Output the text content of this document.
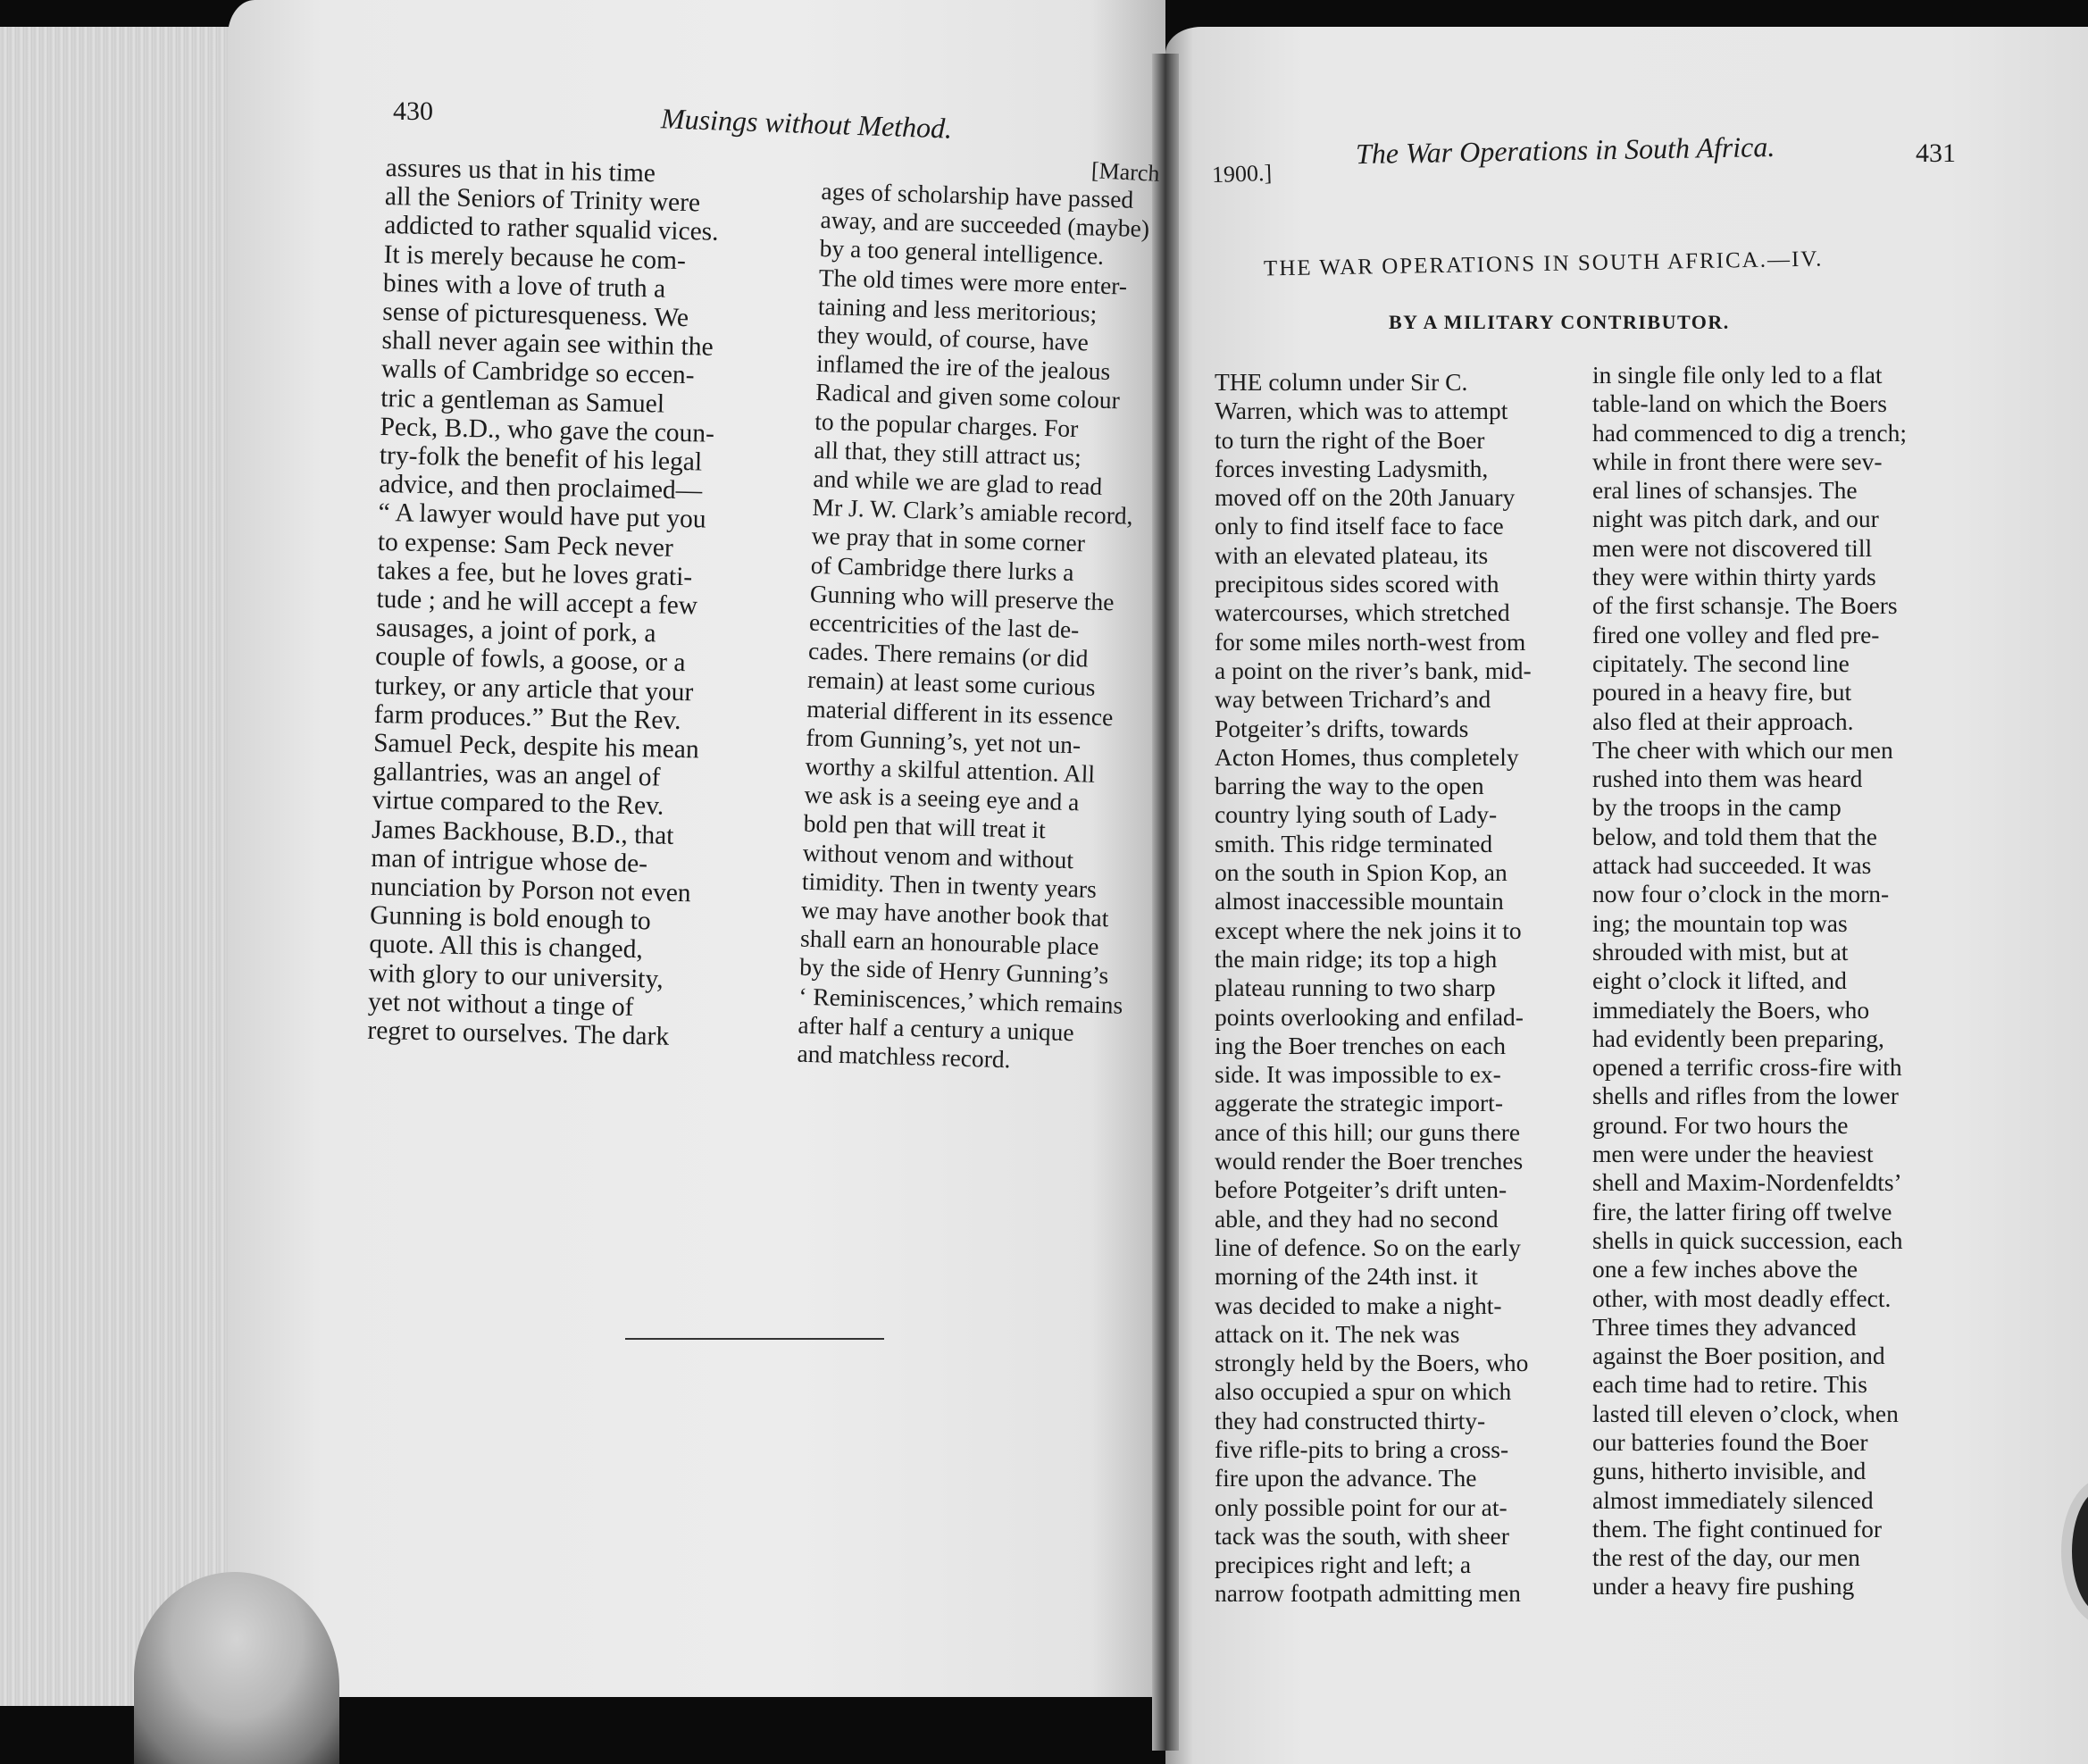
430	Musings without Method.
[March
assures us that in his time
all the Seniors of Trinity were
addicted to rather squalid vices.
It is merely because he com-
bines with a love of truth a
sense of picturesqueness. We
shall never again see within the
walls of Cambridge so eccen-
tric a gentleman as Samuel
Peck, B.D., who gave the coun-
try-folk the benefit of his legal
advice, and then proclaimed—
“ A lawyer would have put you
to expense: Sam Peck never
takes a fee, but he loves grati-
tude ; and he will accept a few
sausages, a joint of pork, a
couple of fowls, a goose, or a
turkey, or any article that your
farm produces.” But the Rev.
Samuel Peck, despite his mean
gallantries, was an angel of
virtue compared to the Rev.
James Backhouse, B.D., that
man of intrigue whose de-
nunciation by Porson not even
Gunning is bold enough to
quote. All this is changed,
with glory to our university,
yet not without a tinge of
regret to ourselves. The dark
ages of scholarship have passed
away, and are succeeded (maybe)
by a too general intelligence.
The old times were more enter-
taining and less meritorious;
they would, of course, have
inflamed the ire of the jealous
Radical and given some colour
to the popular charges. For
all that, they still attract us;
and while we are glad to read
Mr J. W. Clark’s amiable record,
we pray that in some corner
of Cambridge there lurks a
Gunning who will preserve the
eccentricities of the last de-
cades. There remains (or did
remain) at least some curious
material different in its essence
from Gunning’s, yet not un-
worthy a skilful attention. All
we ask is a seeing eye and a
bold pen that will treat it
without venom and without
timidity. Then in twenty years
we may have another book that
shall earn an honourable place
by the side of Henry Gunning’s
‘ Reminiscences,’ which remains
after half a century a unique
and matchless record.
1900.]
The War Operations in South Africa.	431
THE WAR OPERATIONS IN SOUTH AFRICA.—IV.
BY A MILITARY CONTRIBUTOR.
THE column under Sir C.
Warren, which was to attempt
to turn the right of the Boer
forces investing Ladysmith,
moved off on the 20th January
only to find itself face to face
with an elevated plateau, its
precipitous sides scored with
watercourses, which stretched
for some miles north-west from
a point on the river’s bank, mid-
way between Trichard’s and
Potgeiter’s drifts, towards
Acton Homes, thus completely
barring the way to the open
country lying south of Lady-
smith. This ridge terminated
on the south in Spion Kop, an
almost inaccessible mountain
except where the nek joins it to
the main ridge; its top a high
plateau running to two sharp
points overlooking and enfilad-
ing the Boer trenches on each
side. It was impossible to ex-
aggerate the strategic import-
ance of this hill; our guns there
would render the Boer trenches
before Potgeiter’s drift unten-
able, and they had no second
line of defence. So on the early
morning of the 24th inst. it
was decided to make a night-
attack on it. The nek was
strongly held by the Boers, who
also occupied a spur on which
they had constructed thirty-
five rifle-pits to bring a cross-
fire upon the advance. The
only possible point for our at-
tack was the south, with sheer
precipices right and left; a
narrow footpath admitting men
in single file only led to a flat
table-land on which the Boers
had commenced to dig a trench;
while in front there were sev-
eral lines of schansjes. The
night was pitch dark, and our
men were not discovered till
they were within thirty yards
of the first schansje. The Boers
fired one volley and fled pre-
cipitately. The second line
poured in a heavy fire, but
also fled at their approach.
The cheer with which our men
rushed into them was heard
by the troops in the camp
below, and told them that the
attack had succeeded. It was
now four o’clock in the morn-
ing; the mountain top was
shrouded with mist, but at
eight o’clock it lifted, and
immediately the Boers, who
had evidently been preparing,
opened a terrific cross-fire with
shells and rifles from the lower
ground. For two hours the
men were under the heaviest
shell and Maxim-Nordenfeldts’
fire, the latter firing off twelve
shells in quick succession, each
one a few inches above the
other, with most deadly effect.
Three times they advanced
against the Boer position, and
each time had to retire. This
lasted till eleven o’clock, when
our batteries found the Boer
guns, hitherto invisible, and
almost immediately silenced
them. The fight continued for
the rest of the day, our men
under a heavy fire pushing
